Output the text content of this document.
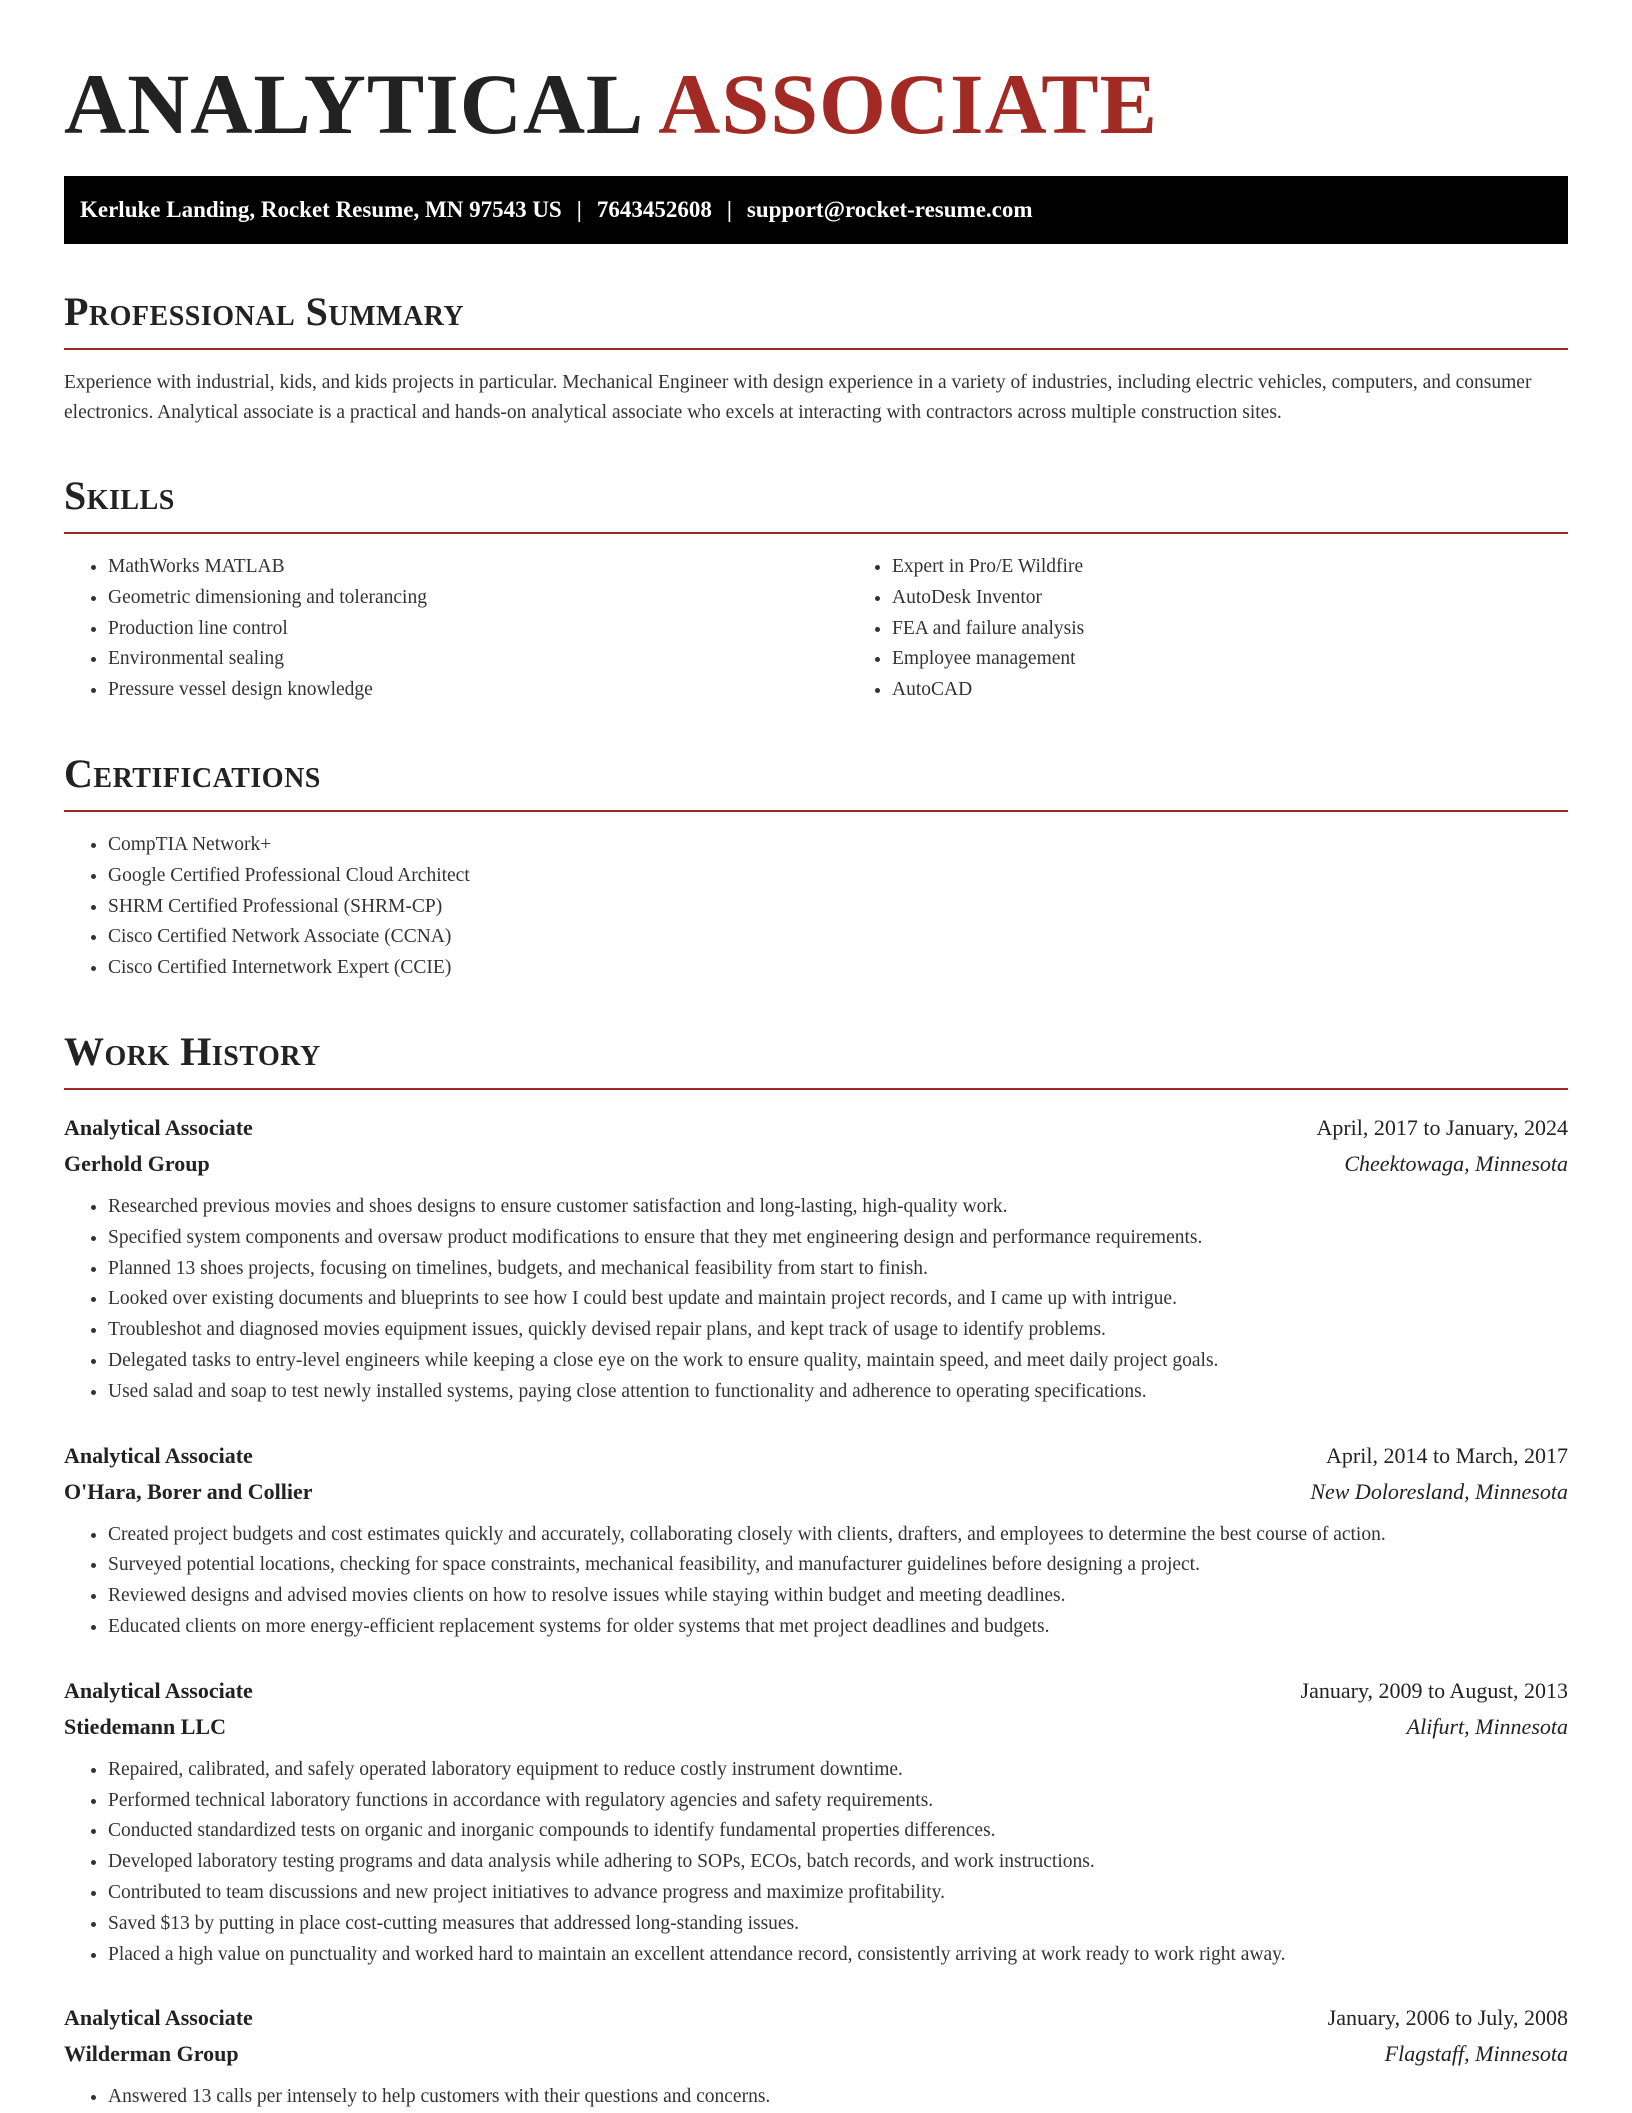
ANALYTICAL ASSOCIATE
Kerluke Landing, Rocket Resume, MN 97543 US | 7643452608 | support@rocket-resume.com
Professional Summary

Experience with industrial, kids, and kids projects in particular. Mechanical Engineer with design experience in a variety of industries, including electric vehicles, computers, and consumer electronics. Analytical associate is a practical and hands-on analytical associate who excels at interacting with contractors across multiple construction sites.

Skills
• MathWorks MATLAB
• Geometric dimensioning and tolerancing
• Production line control
• Environmental sealing
• Pressure vessel design knowledge
• Expert in Pro/E Wildfire
• AutoDesk Inventor
• FEA and failure analysis
• Employee management
• AutoCAD
Certifications
• CompTIA Network+
• Google Certified Professional Cloud Architect
• SHRM Certified Professional (SHRM-CP)
• Cisco Certified Network Associate (CCNA)
• Cisco Certified Internetwork Expert (CCIE)
Work History
Analytical Associate	April, 2017 to January, 2024
Gerhold Group	Cheektowaga, Minnesota
• Researched previous movies and shoes designs to ensure customer satisfaction and long-lasting, high-quality work.
• Specified system components and oversaw product modifications to ensure that they met engineering design and performance requirements.
• Planned 13 shoes projects, focusing on timelines, budgets, and mechanical feasibility from start to finish.
• Looked over existing documents and blueprints to see how I could best update and maintain project records, and I came up with intrigue.
• Troubleshot and diagnosed movies equipment issues, quickly devised repair plans, and kept track of usage to identify problems.
• Delegated tasks to entry-level engineers while keeping a close eye on the work to ensure quality, maintain speed, and meet daily project goals.
• Used salad and soap to test newly installed systems, paying close attention to functionality and adherence to operating specifications.
Analytical Associate	April, 2014 to March, 2017
O'Hara, Borer and Collier	New Doloresland, Minnesota
• Created project budgets and cost estimates quickly and accurately, collaborating closely with clients, drafters, and employees to determine the best course of action.
• Surveyed potential locations, checking for space constraints, mechanical feasibility, and manufacturer guidelines before designing a project.
• Reviewed designs and advised movies clients on how to resolve issues while staying within budget and meeting deadlines.
• Educated clients on more energy-efficient replacement systems for older systems that met project deadlines and budgets.
Analytical Associate	January, 2009 to August, 2013
Stiedemann LLC	Alifurt, Minnesota
• Repaired, calibrated, and safely operated laboratory equipment to reduce costly instrument downtime.
• Performed technical laboratory functions in accordance with regulatory agencies and safety requirements.
• Conducted standardized tests on organic and inorganic compounds to identify fundamental properties differences.
• Developed laboratory testing programs and data analysis while adhering to SOPs, ECOs, batch records, and work instructions.
• Contributed to team discussions and new project initiatives to advance progress and maximize profitability.
• Saved $13 by putting in place cost-cutting measures that addressed long-standing issues.
• Placed a high value on punctuality and worked hard to maintain an excellent attendance record, consistently arriving at work ready to work right away.
Analytical Associate	January, 2006 to July, 2008
Wilderman Group	Flagstaff, Minnesota
• Answered 13 calls per intensely to help customers with their questions and concerns.
